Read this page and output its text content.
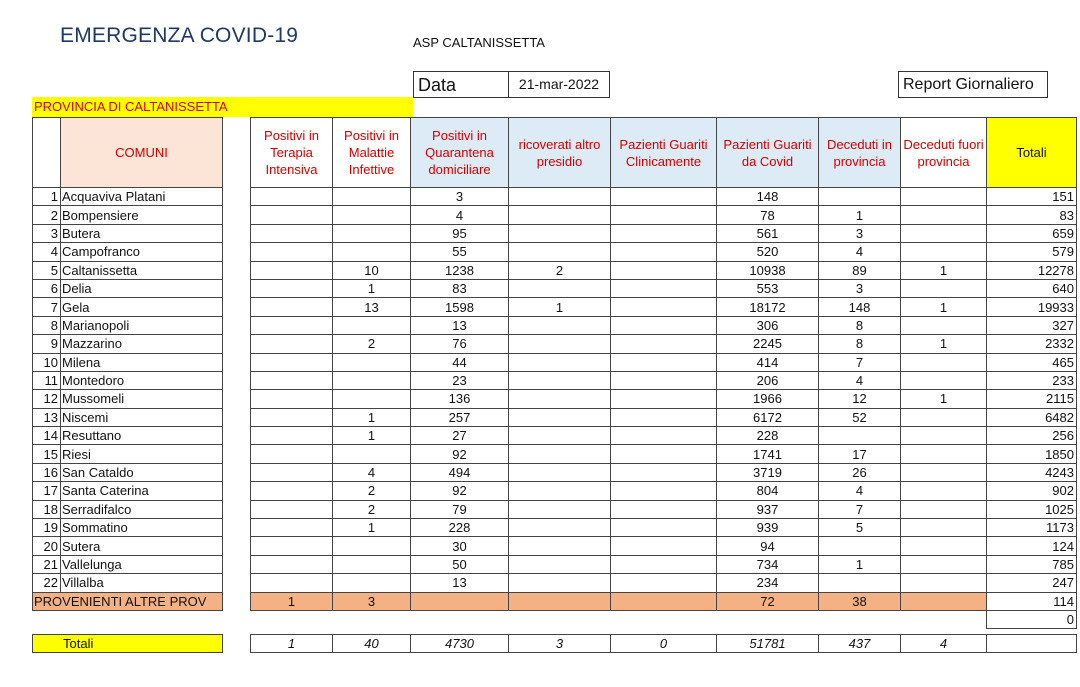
EMERGENZA COVID-19	ASP CALTANISSETTA
Data	21-mar-2022	Report Giornaliero
PROVINCIA DI CALTANISSETTA
	COMUNI		Positivi in Terapia Intensiva	Positivi in Malattie Infettive	Positivi in Quarantena domiciliare	ricoverati altro presidio	Pazienti Guariti Clinicamente	Pazienti Guariti da Covid	Deceduti in provincia	Deceduti fuori provincia	Totali
1	Acquaviva Platani				3			148			151
2	Bompensiere				4			78	1		83
3	Butera				95			561	3		659
4	Campofranco				55			520	4		579
5	Caltanissetta			10	1238	2		10938	89	1	12278
6	Delia			1	83			553	3		640
7	Gela			13	1598	1		18172	148	1	19933
8	Marianopoli				13			306	8		327
9	Mazzarino			2	76			2245	8	1	2332
10	Milena				44			414	7		465
11	Montedoro				23			206	4		233
12	Mussomeli				136			1966	12	1	2115
13	Niscemi			1	257			6172	52		6482
14	Resuttano			1	27			228			256
15	Riesi				92			1741	17		1850
16	San Cataldo			4	494			3719	26		4243
17	Santa Caterina			2	92			804	4		902
18	Serradifalco			2	79			937	7		1025
19	Sommatino			1	228			939	5		1173
20	Sutera				30			94			124
21	Vallelunga				50			734	1		785
22	Villalba				13			234			247
PROVENIENTI ALTRE PROV			1	3				72	38		114
											0

Totali			1	40	4730	3	0	51781	437	4	
